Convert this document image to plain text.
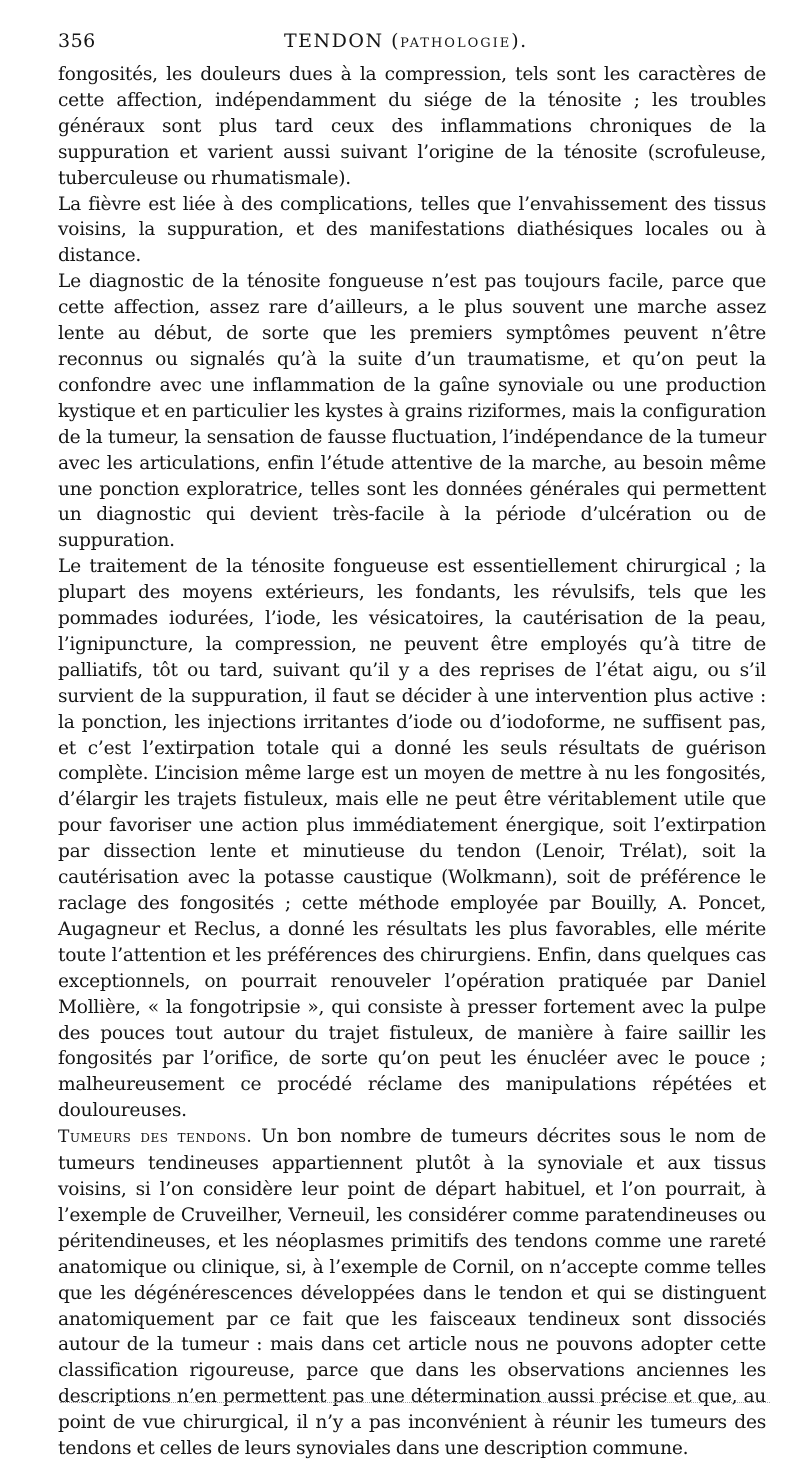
356	TENDON (PATHOLOGIE).

fongosités, les douleurs dues à la compression, tels sont les caractères de cette affection, indépendamment du siége de la ténosite ; les troubles généraux sont plus tard ceux des inflammations chroniques de la suppuration et varient aussi suivant l’origine de la ténosite (scrofuleuse, tuberculeuse ou rhumatismale).

La fièvre est liée à des complications, telles que l’envahissement des tissus voisins, la suppuration, et des manifestations diathésiques locales ou à distance.

Le diagnostic de la ténosite fongueuse n’est pas toujours facile, parce que cette affection, assez rare d’ailleurs, a le plus souvent une marche assez lente au début, de sorte que les premiers symptômes peuvent n’être reconnus ou signalés qu’à la suite d’un traumatisme, et qu’on peut la confondre avec une inflammation de la gaîne synoviale ou une production kystique et en particulier les kystes à grains riziformes, mais la configuration de la tumeur, la sensation de fausse fluctuation, l’indépendance de la tumeur avec les articulations, enfin l’étude attentive de la marche, au besoin même une ponction exploratrice, telles sont les données générales qui permettent un diagnostic qui devient très-facile à la période d’ulcération ou de suppuration.

Le traitement de la ténosite fongueuse est essentiellement chirurgical ; la plupart des moyens extérieurs, les fondants, les révulsifs, tels que les pommades iodurées, l’iode, les vésicatoires, la cautérisation de la peau, l’ignipuncture, la compression, ne peuvent être employés qu’à titre de palliatifs, tôt ou tard, suivant qu’il y a des reprises de l’état aigu, ou s’il survient de la suppuration, il faut se décider à une intervention plus active : la ponction, les injections irritantes d’iode ou d’iodoforme, ne suffisent pas, et c’est l’extirpation totale qui a donné les seuls résultats de guérison complète. L’incision même large est un moyen de mettre à nu les fongosités, d’élargir les trajets fistuleux, mais elle ne peut être véritablement utile que pour favoriser une action plus immédiatement énergique, soit l’extirpation par dissection lente et minutieuse du tendon (Lenoir, Trélat), soit la cautérisation avec la potasse caustique (Wolkmann), soit de préférence le raclage des fongosités ; cette méthode employée par Bouilly, A. Poncet, Augagneur et Reclus, a donné les résultats les plus favorables, elle mérite toute l’attention et les préférences des chirurgiens. Enfin, dans quelques cas exceptionnels, on pourrait renouveler l’opération pratiquée par Daniel Mollière, « la fongotripsie », qui consiste à presser fortement avec la pulpe des pouces tout autour du trajet fistuleux, de manière à faire saillir les fongosités par l’orifice, de sorte qu’on peut les énucléer avec le pouce ; malheureusement ce procédé réclame des manipulations répétées et douloureuses.

Tumeurs des tendons. Un bon nombre de tumeurs décrites sous le nom de tumeurs tendineuses appartiennent plutôt à la synoviale et aux tissus voisins, si l’on considère leur point de départ habituel, et l’on pourrait, à l’exemple de Cruveilher, Verneuil, les considérer comme paratendineuses ou péritendineuses, et les néoplasmes primitifs des tendons comme une rareté anatomique ou clinique, si, à l’exemple de Cornil, on n’accepte comme telles que les dégénérescences développées dans le tendon et qui se distinguent anatomiquement par ce fait que les faisceaux tendineux sont dissociés autour de la tumeur : mais dans cet article nous ne pouvons adopter cette classification rigoureuse, parce que dans les observations anciennes les descriptions n’en permettent pas une détermination aussi précise et que, au point de vue chirurgical, il n’y a pas inconvénient à réunir les tumeurs des tendons et celles de leurs synoviales dans une description commune.
